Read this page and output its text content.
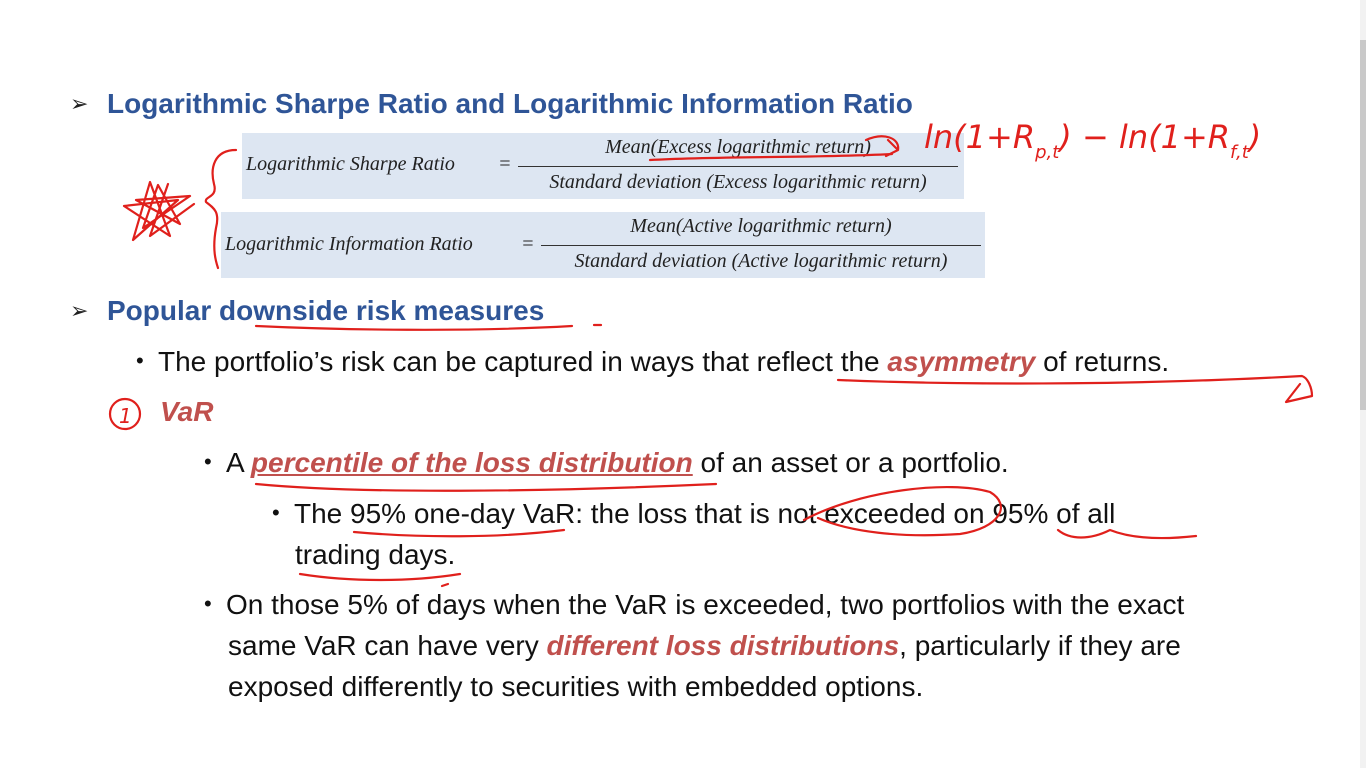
➢ Logarithmic Sharpe Ratio and Logarithmic Information Ratio
Logarithmic Sharpe Ratio =
Mean(Excess logarithmic return)
Standard deviation (Excess logarithmic return)
Logarithmic Information Ratio =
Mean(Active logarithmic return)
Standard deviation (Active logarithmic return)
➢ Popular downside risk measures
• The portfolio’s risk can be captured in ways that reflect the asymmetry of returns.
VaR
• A percentile of the loss distribution of an asset or a portfolio.
• The 95% one-day VaR: the loss that is not exceeded on 95% of all
trading days.
• On those 5% of days when the VaR is exceeded, two portfolios with the exact
same VaR can have very different loss distributions, particularly if they are
exposed differently to securities with embedded options.
$\ln(1+R_{p,t}) - \ln(1+R_{f,t})$
1
